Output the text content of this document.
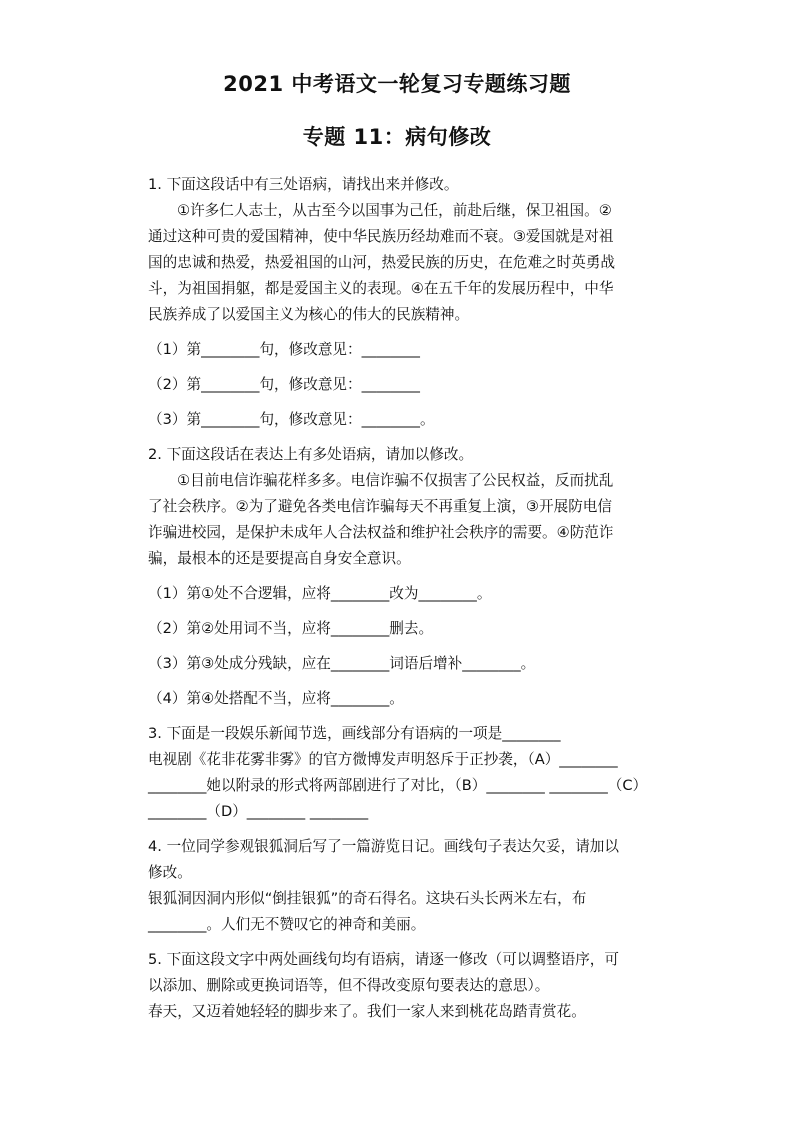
2021 中考语文一轮复习专题练习题
专题 11：病句修改
1. 下面这段话中有三处语病，请找出来并修改。
①许多仁人志士，从古至今以国事为己任，前赴后继，保卫祖国。②
通过这种可贵的爱国精神，使中华民族历经劫难而不衰。③爱国就是对祖
国的忠诚和热爱，热爱祖国的山河，热爱民族的历史，在危难之时英勇战
斗，为祖国捐躯，都是爱国主义的表现。④在五千年的发展历程中，中华
民族养成了以爱国主义为核心的伟大的民族精神。
（1）第________句，修改意见：________
（2）第________句，修改意见：________
（3）第________句，修改意见：________。
2. 下面这段话在表达上有多处语病，请加以修改。
①目前电信诈骗花样多多。电信诈骗不仅损害了公民权益，反而扰乱
了社会秩序。②为了避免各类电信诈骗每天不再重复上演，③开展防电信
诈骗进校园，是保护未成年人合法权益和维护社会秩序的需要。④防范诈
骗，最根本的还是要提高自身安全意识。
（1）第①处不合逻辑，应将________改为________。
（2）第②处用词不当，应将________删去。
（3）第③处成分残缺，应在________词语后增补________。
（4）第④处搭配不当，应将________。
3. 下面是一段娱乐新闻节选，画线部分有语病的一项是________
电视剧《花非花雾非雾》的官方微博发声明怒斥于正抄袭，（A）________
________她以附录的形式将两部剧进行了对比，（B）________ ________（C）
________（D）________ ________
4. 一位同学参观银狐洞后写了一篇游览日记。画线句子表达欠妥，请加以
修改。
银狐洞因洞内形似“倒挂银狐”的奇石得名。这块石头长两米左右，布
________。人们无不赞叹它的神奇和美丽。
5. 下面这段文字中两处画线句均有语病，请逐一修改（可以调整语序，可
以添加、删除或更换词语等，但不得改变原句要表达的意思）。
春天，又迈着她轻轻的脚步来了。我们一家人来到桃花岛踏青赏花。
